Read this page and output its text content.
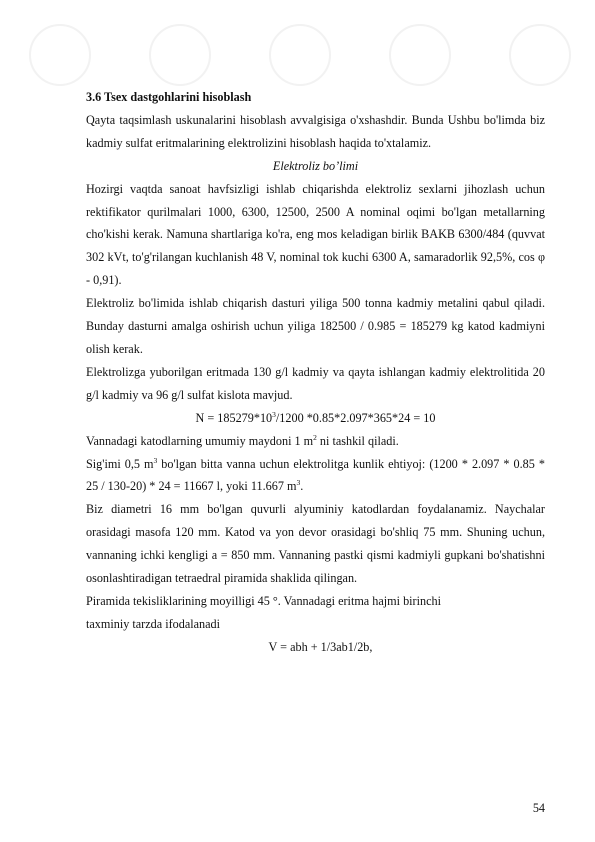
3.6 Tsex dastgohlarini hisoblash

Qayta taqsimlash uskunalarini hisoblash avvalgisiga o'xshashdir. Bunda Ushbu bo'limda biz kadmiy sulfat eritmalarining elektrolizini hisoblash haqida to'xtalamiz.

Elektroliz bo’limi

Hozirgi vaqtda sanoat havfsizligi ishlab chiqarishda elektroliz sexlarni jihozlash uchun rektifikator qurilmalari 1000, 6300, 12500, 2500 A nominal oqimi bo'lgan metallarning cho'kishi kerak. Namuna shartlariga ko'ra, eng mos keladigan birlik BAKB 6300/484 (quvvat 302 kVt, to'g'rilangan kuchlanish 48 V, nominal tok kuchi 6300 A, samaradorlik 92,5%, cos φ - 0,91).

Elektroliz bo'limida ishlab chiqarish dasturi yiliga 500 tonna kadmiy metalini qabul qiladi. Bunday dasturni amalga oshirish uchun yiliga 182500 / 0.985 = 185279 kg katod kadmiyni olish kerak.

Elektrolizga yuborilgan eritmada 130 g/l kadmiy va qayta ishlangan kadmiy elektrolitida 20 g/l kadmiy va 96 g/l sulfat kislota mavjud.

$N = 185279*10^3/1200$ *0.85*2.097*365*24 = 10

Vannadagi katodlarning umumiy maydoni 1 $m^2$ ni tashkil qiladi.

Sig'imi 0,5 $m^3$ bo'lgan bitta vanna uchun elektrolitga kunlik ehtiyoj: (1200 * 2.097 * 0.85 * 25 / 130-20) * 24 = 11667 l, yoki 11.667 $m^3$.

Biz diametri 16 mm bo'lgan quvurli alyuminiy katodlardan foydalanamiz. Naychalar orasidagi masofa 120 mm. Katod va yon devor orasidagi bo'shliq 75 mm. Shuning uchun, vannaning ichki kengligi a = 850 mm. Vannaning pastki qismi kadmiyli gupkani bo'shatishni osonlashtiradigan tetraedral piramida shaklida qilingan.

Piramida tekisliklarining moyilligi 45 °. Vannadagi eritma hajmi birinchi

taxminiy tarzda ifodalanadi

V = abh + 1/3ab1/2b,

54
